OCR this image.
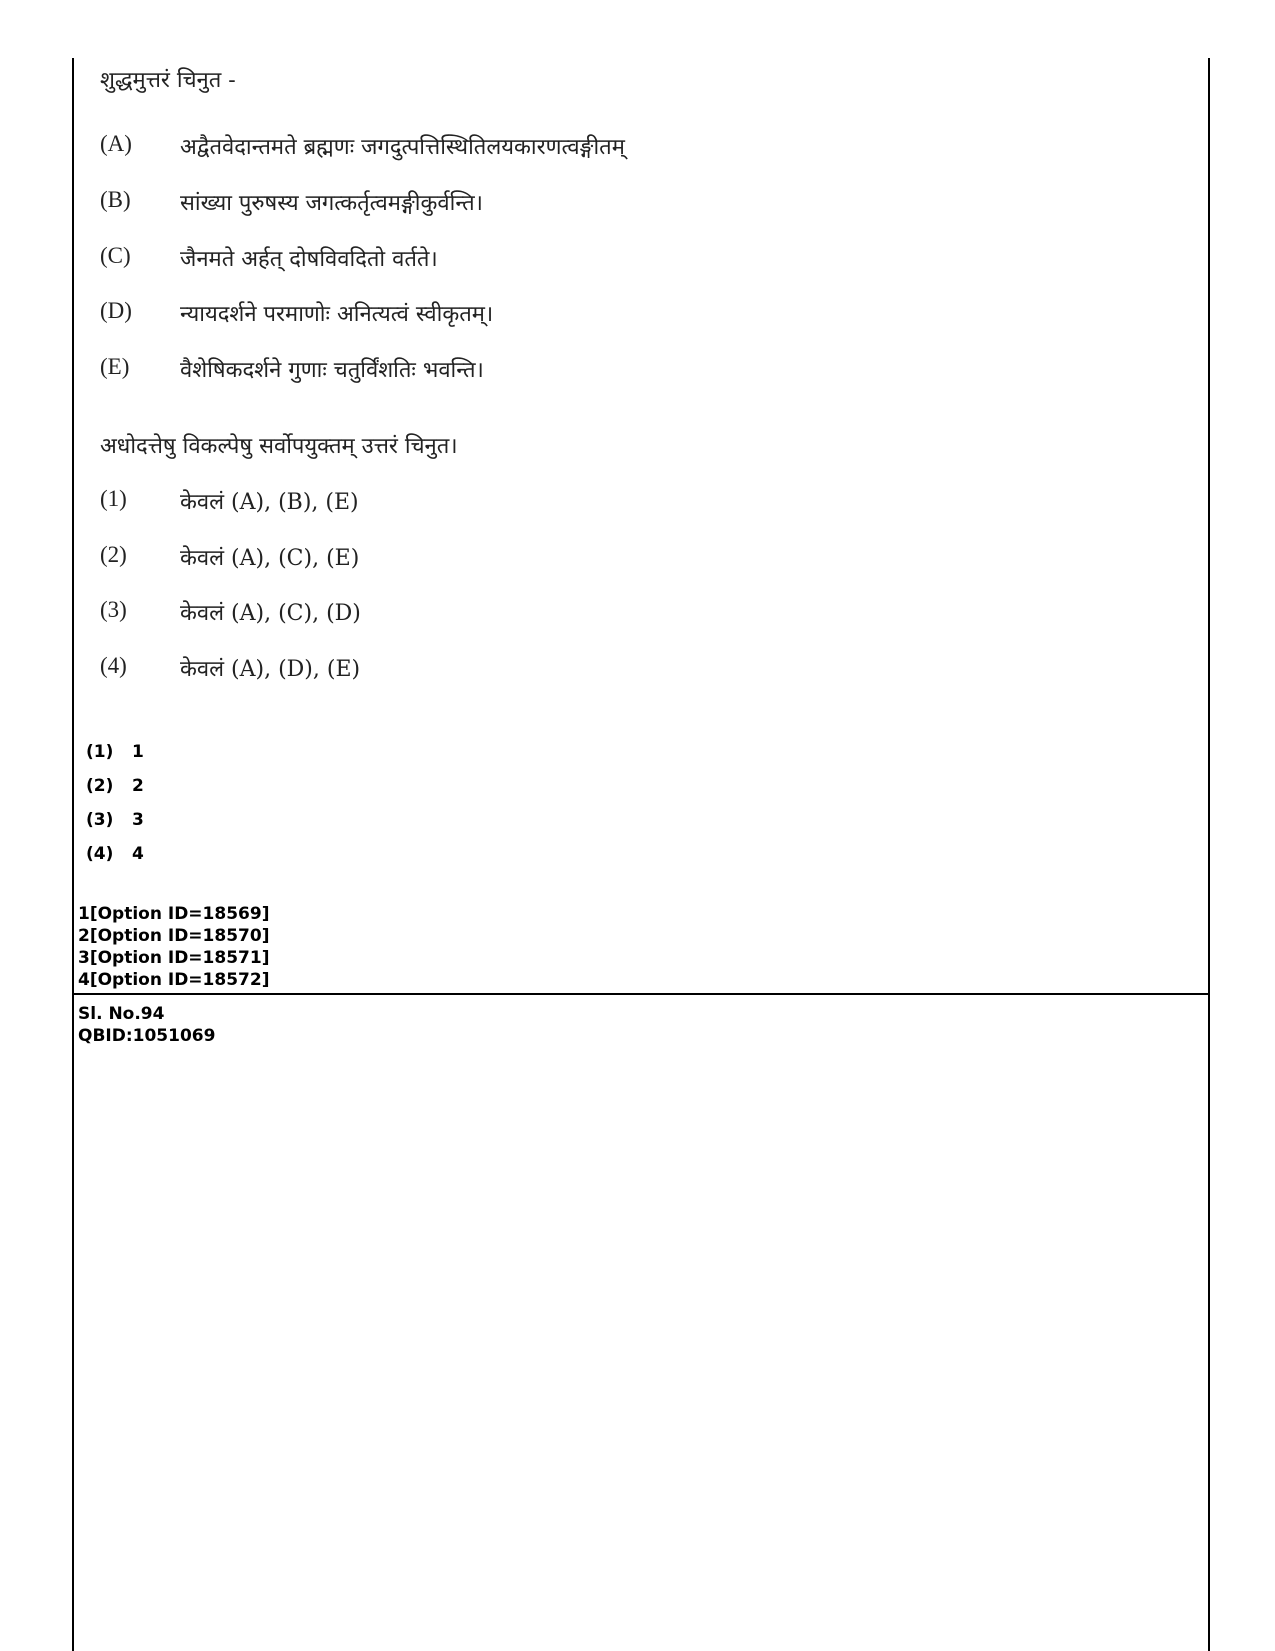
शुद्धमुत्तरं चिनुत -
(A)	अद्वैतवेदान्तमते ब्रह्मणः जगदुत्पत्तिस्थितिलयकारणत्वङ्गीतम्
(B)	सांख्या पुरुषस्य जगत्कर्तृत्वमङ्गीकुर्वन्ति।
(C)	जैनमते अर्हत् दोषविवदितो वर्तते।
(D)	न्यायदर्शने परमाणोः अनित्यत्वं स्वीकृतम्।
(E)	वैशेषिकदर्शने गुणाः चतुर्विंशतिः भवन्ति।
अधोदत्तेषु विकल्पेषु सर्वोपयुक्तम् उत्तरं चिनुत।
(1)	केवलं (A), (B), (E)
(2)	केवलं (A), (C), (E)
(3)	केवलं (A), (C), (D)
(4)	केवलं (A), (D), (E)
(1) 1
(2) 2
(3) 3
(4) 4
1[Option ID=18569]
2[Option ID=18570]
3[Option ID=18571]
4[Option ID=18572]
Sl. No.94
QBID:1051069
